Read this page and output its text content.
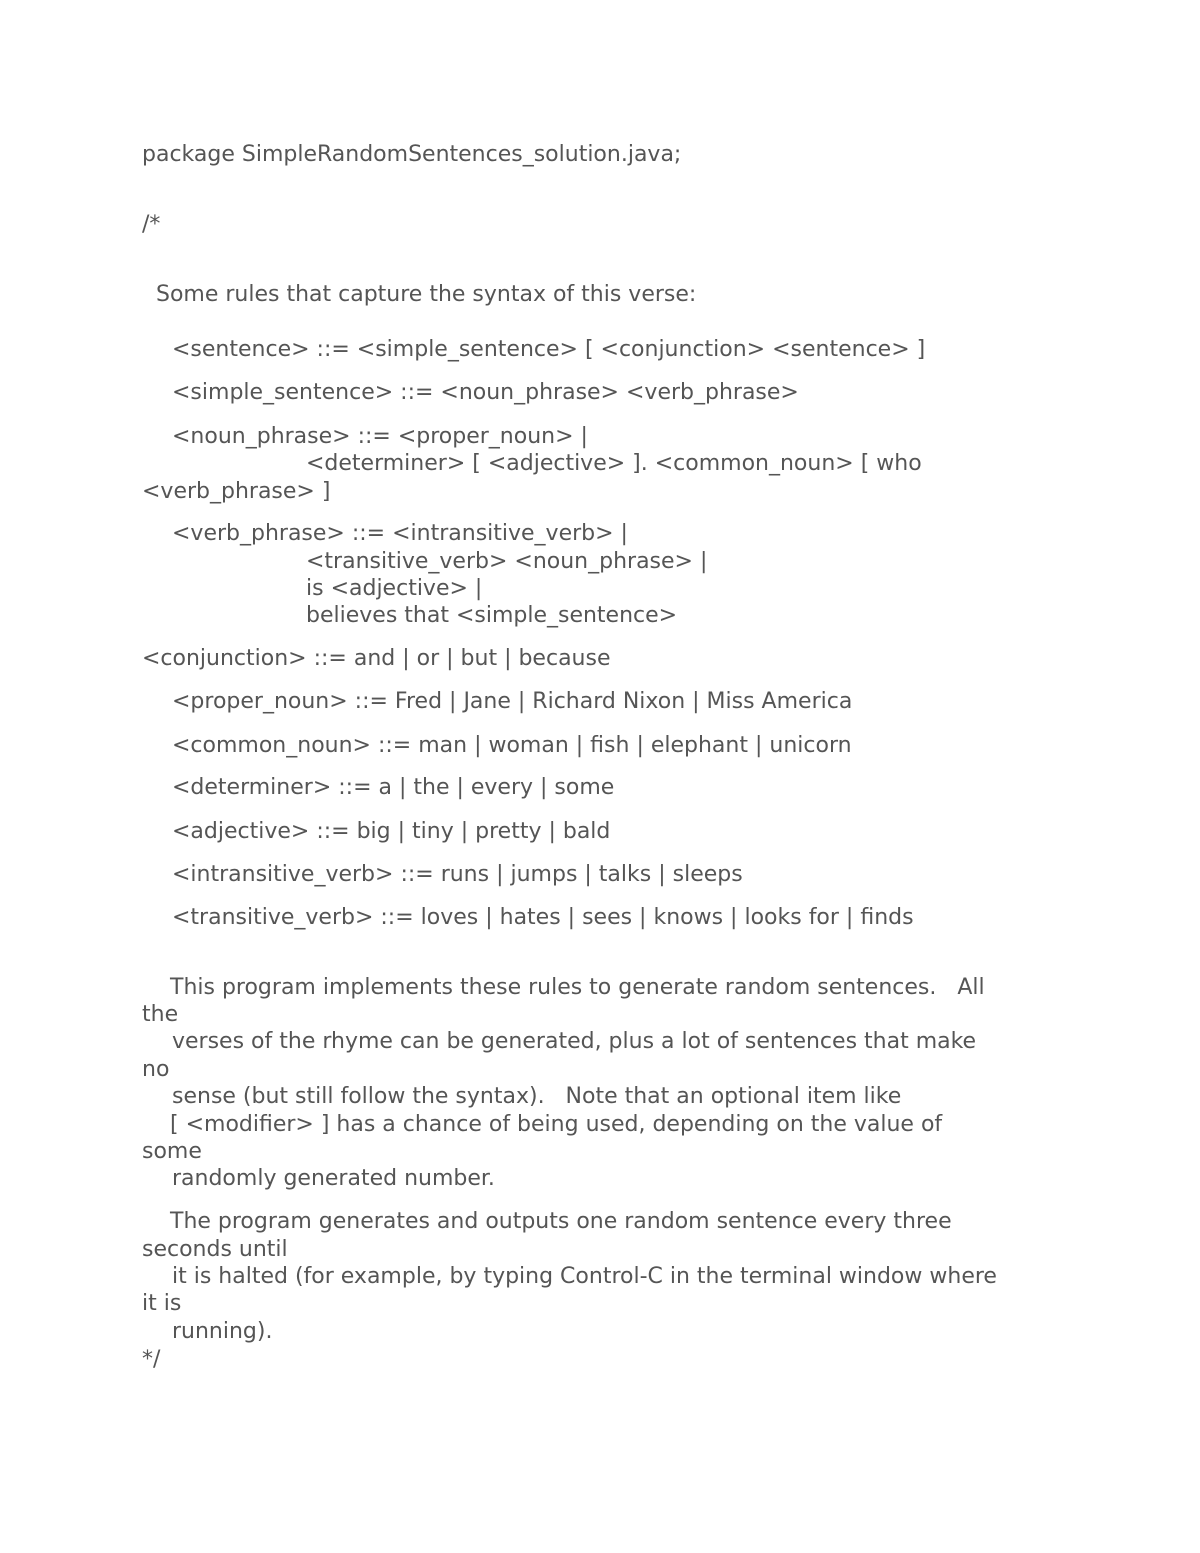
package SimpleRandomSentences_solution.java;
/*
Some rules that capture the syntax of this verse:
<sentence> ::= <simple_sentence> [ <conjunction> <sentence> ]
<simple_sentence> ::= <noun_phrase> <verb_phrase>
<noun_phrase> ::= <proper_noun> |
<determiner> [ <adjective> ]. <common_noun> [ who
<verb_phrase> ]
<verb_phrase> ::= <intransitive_verb> |
<transitive_verb> <noun_phrase> |
is <adjective> |
believes that <simple_sentence>
<conjunction> ::= and | or | but | because
<proper_noun> ::= Fred | Jane | Richard Nixon | Miss America
<common_noun> ::= man | woman | fish | elephant | unicorn
<determiner> ::= a | the | every | some
<adjective> ::= big | tiny | pretty | bald
<intransitive_verb> ::= runs | jumps | talks | sleeps
<transitive_verb> ::= loves | hates | sees | knows | looks for | finds
This program implements these rules to generate random sentences.   All
the
verses of the rhyme can be generated, plus a lot of sentences that make
no
sense (but still follow the syntax).   Note that an optional item like
[ <modifier> ] has a chance of being used, depending on the value of
some
randomly generated number.
The program generates and outputs one random sentence every three
seconds until
it is halted (for example, by typing Control-C in the terminal window where
it is
running).
*/
